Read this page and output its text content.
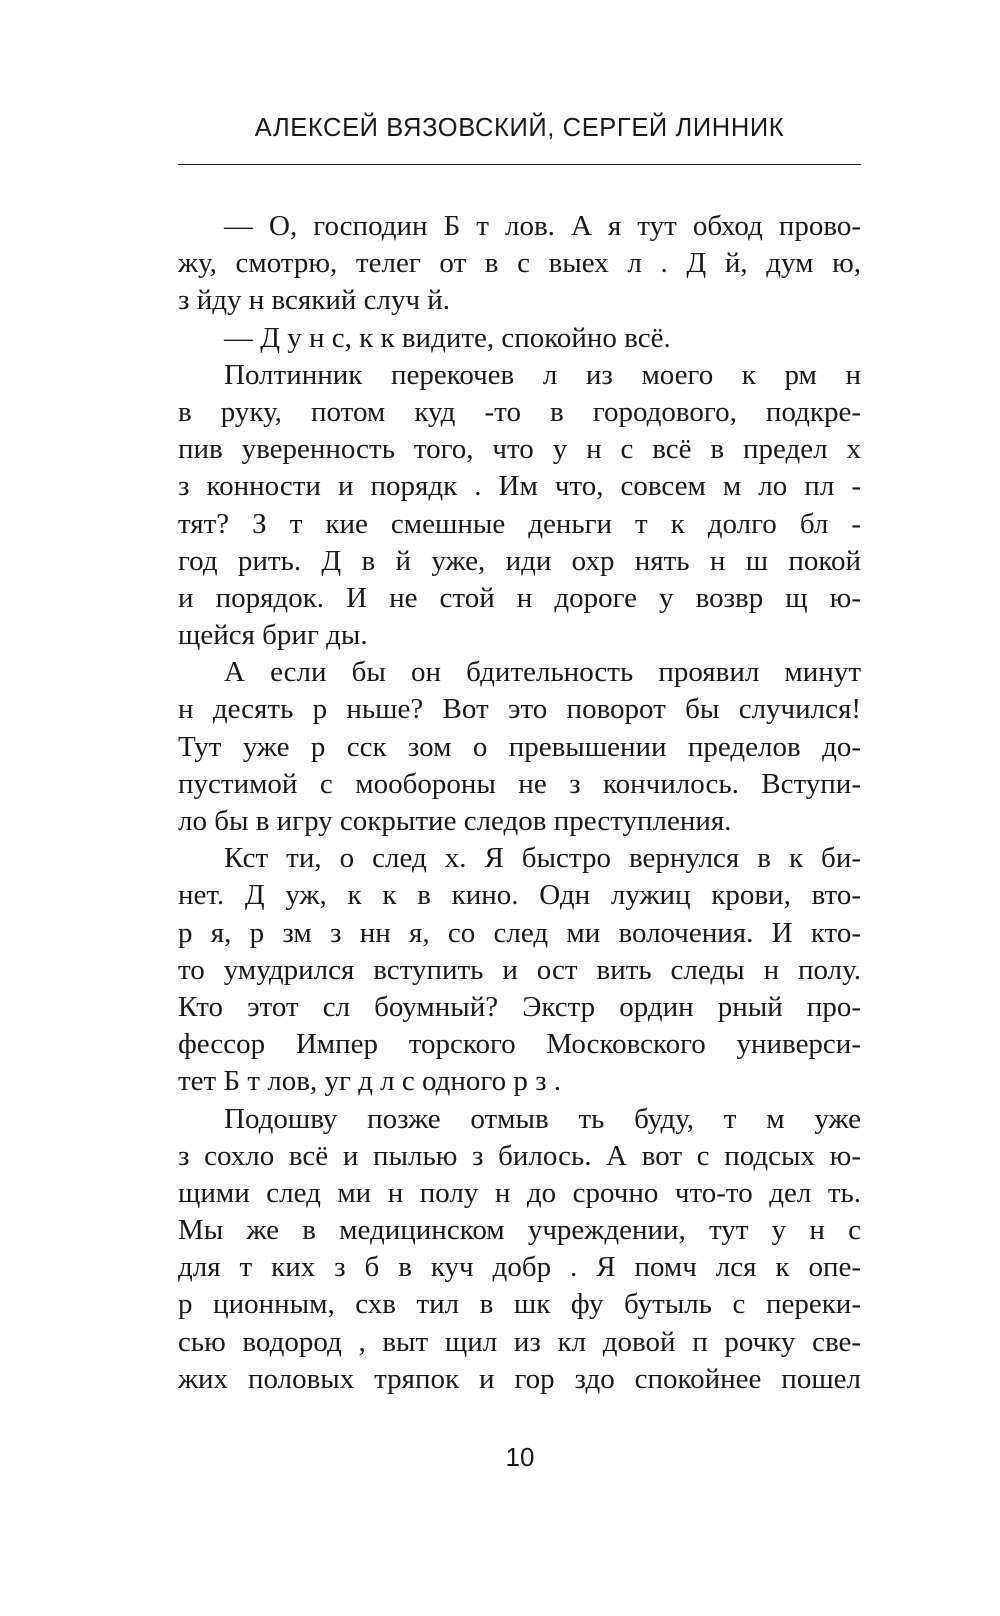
АЛЕКСЕЙ ВЯЗОВСКИЙ, СЕРГЕЙ ЛИННИК
— О, господин Б т лов. А я тут обход прово-
жу, смотрю, телег от в с выех л . Д й, дум ю,
з йду н всякий случ й.
— Д у н с, к к видите, спокойно всё.
Полтинник перекочев л из моего к рм н
в руку, потом куд -то в городового, подкре-
пив уверенность того, что у н с всё в предел х
з конности и порядк . Им что, совсем м ло пл -
тят? З т кие смешные деньги т к долго бл -
год рить. Д в й уже, иди охр нять н ш покой
и порядок. И не стой н дороге у возвр щ ю-
щейся бриг ды.
А если бы он бдительность проявил минут
н десять р ньше? Вот это поворот бы случился!
Тут уже р сск зом о превышении пределов до-
пустимой с мообороны не з кончилось. Вступи-
ло бы в игру сокрытие следов преступления.
Кст ти, о след х. Я быстро вернулся в к би-
нет. Д уж, к к в кино. Одн лужиц крови, вто-
р я, р зм з нн я, со след ми волочения. И кто-
то умудрился вступить и ост вить следы н полу.
Кто этот сл боумный? Экстр ордин рный про-
фессор Импер торского Московского универси-
тет Б т лов, уг д л с одного р з .
Подошву позже отмыв ть буду, т м уже
з сохло всё и пылью з билось. А вот с подсых ю-
щими след ми н полу н до срочно что-то дел ть.
Мы же в медицинском учреждении, тут у н с
для т ких з б в куч добр . Я помч лся к опе-
р ционным, схв тил в шк фу бутыль с переки-
сью водород , выт щил из кл довой п рочку све-
жих половых тряпок и гор здо спокойнее пошел
10
